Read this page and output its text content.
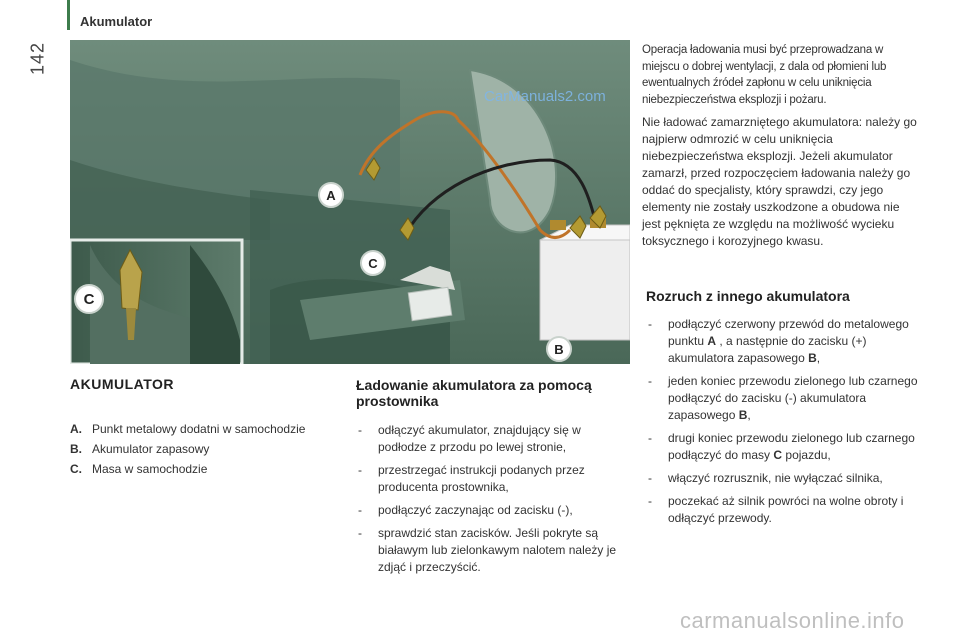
Akumulator
142
A
C
B
C
CarManuals2.com
AKUMULATOR
A. Punkt metalowy dodatni w samochodzie
B. Akumulator zapasowy
C. Masa w samochodzie
Ładowanie akumulatora za pomocą prostownika
- odłączyć akumulator, znajdujący się w podłodze z przodu po lewej stronie,
- przestrzegać instrukcji podanych przez producenta prostownika,
- podłączyć zaczynając od zacisku (-),
- sprawdzić stan zacisków. Jeśli pokryte są białawym lub zielonkawym nalotem należy je zdjąć i przeczyścić.
Operacja ładowania musi być przeprowadzana w miejscu o dobrej wentylacji, z dala od płomieni lub ewentualnych źródeł zapłonu w celu uniknięcia niebezpieczeństwa eksplozji i pożaru.
Nie ładować zamarzniętego akumulatora: należy go najpierw odmrozić w celu uniknięcia niebezpieczeństwa eksplozji. Jeżeli akumulator zamarzł, przed rozpoczęciem ładowania należy go oddać do specjalisty, który sprawdzi, czy jego elementy nie zostały uszkodzone a obudowa nie jest pęknięta ze względu na możliwość wycieku toksycznego i korozyjnego kwasu.
Rozruch z innego akumulatora
- podłączyć czerwony przewód do metalowego punktu A , a następnie do zacisku (+) akumulatora zapasowego B,
- jeden koniec przewodu zielonego lub czarnego podłączyć do zacisku (-) akumulatora zapasowego B,
- drugi koniec przewodu zielonego lub czarnego podłączyć do masy C pojazdu,
- włączyć rozrusznik, nie wyłączać silnika,
- poczekać aż silnik powróci na wolne obroty i odłączyć przewody.
carmanualsonline.info
